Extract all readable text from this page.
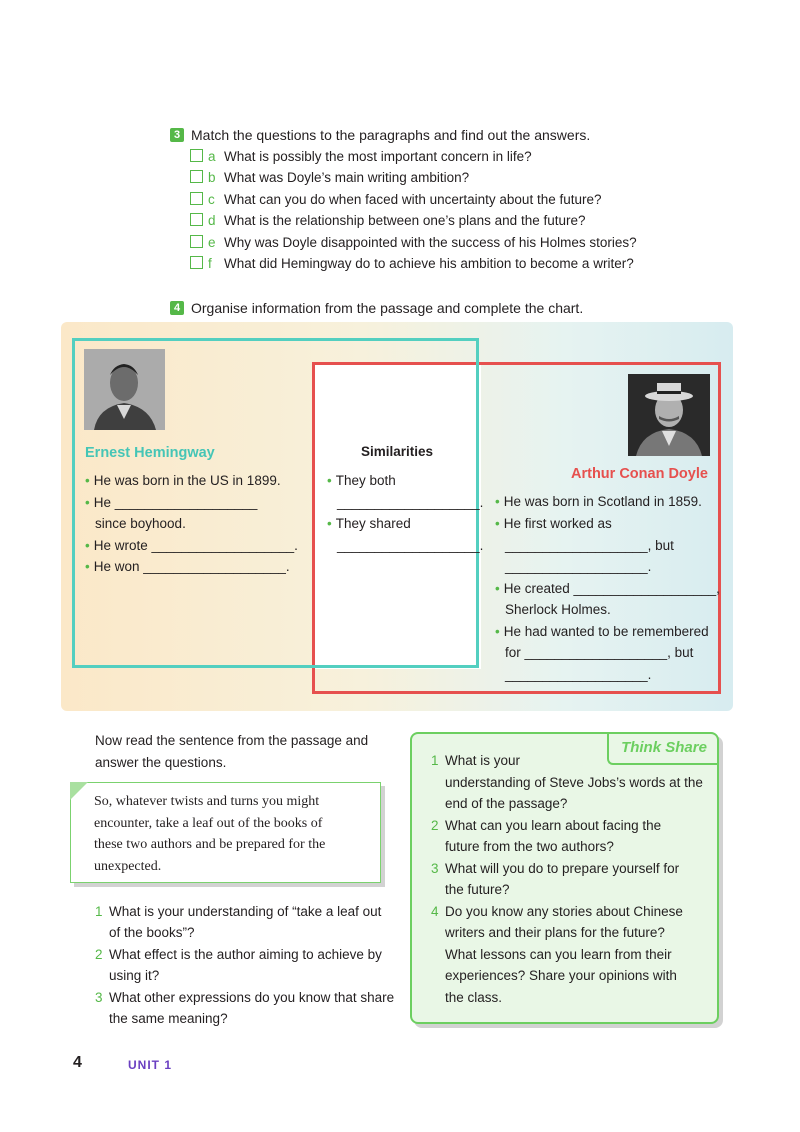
3 Match the questions to the paragraphs and find out the answers.
a What is possibly the most important concern in life?
b What was Doyle’s main writing ambition?
c What can you do when faced with uncertainty about the future?
d What is the relationship between one’s plans and the future?
e Why was Doyle disappointed with the success of his Holmes stories?
f What did Hemingway do to achieve his ambition to become a writer?
4 Organise information from the passage and complete the chart.
Ernest Hemingway	Similarities
Arthur Conan Doyle
• He was born in the US in 1899.
• He ___________________
since boyhood.
• He wrote ___________________.
• He won ___________________.
• They both
___________________.
• They shared
___________________.
• He was born in Scotland in 1859.
• He first worked as
___________________, but
___________________.
• He created ___________________,
Sherlock Holmes.
• He had wanted to be remembered
for ___________________, but
___________________.
Now read the sentence from the passage and
answer the questions.
So, whatever twists and turns you might
encounter, take a leaf out of the books of
these two authors and be prepared for the
unexpected.
1 What is your understanding of “take a leaf out
of the books”?
2 What effect is the author aiming to achieve by
using it?
3 What other expressions do you know that share
the same meaning?
Think Share
1 What is your
understanding of Steve Jobs’s words at the
end of the passage?
2 What can you learn about facing the
future from the two authors?
3 What will you do to prepare yourself for
the future?
4 Do you know any stories about Chinese
writers and their plans for the future?
What lessons can you learn from their
experiences? Share your opinions with
the class.
4	UNIT 1
